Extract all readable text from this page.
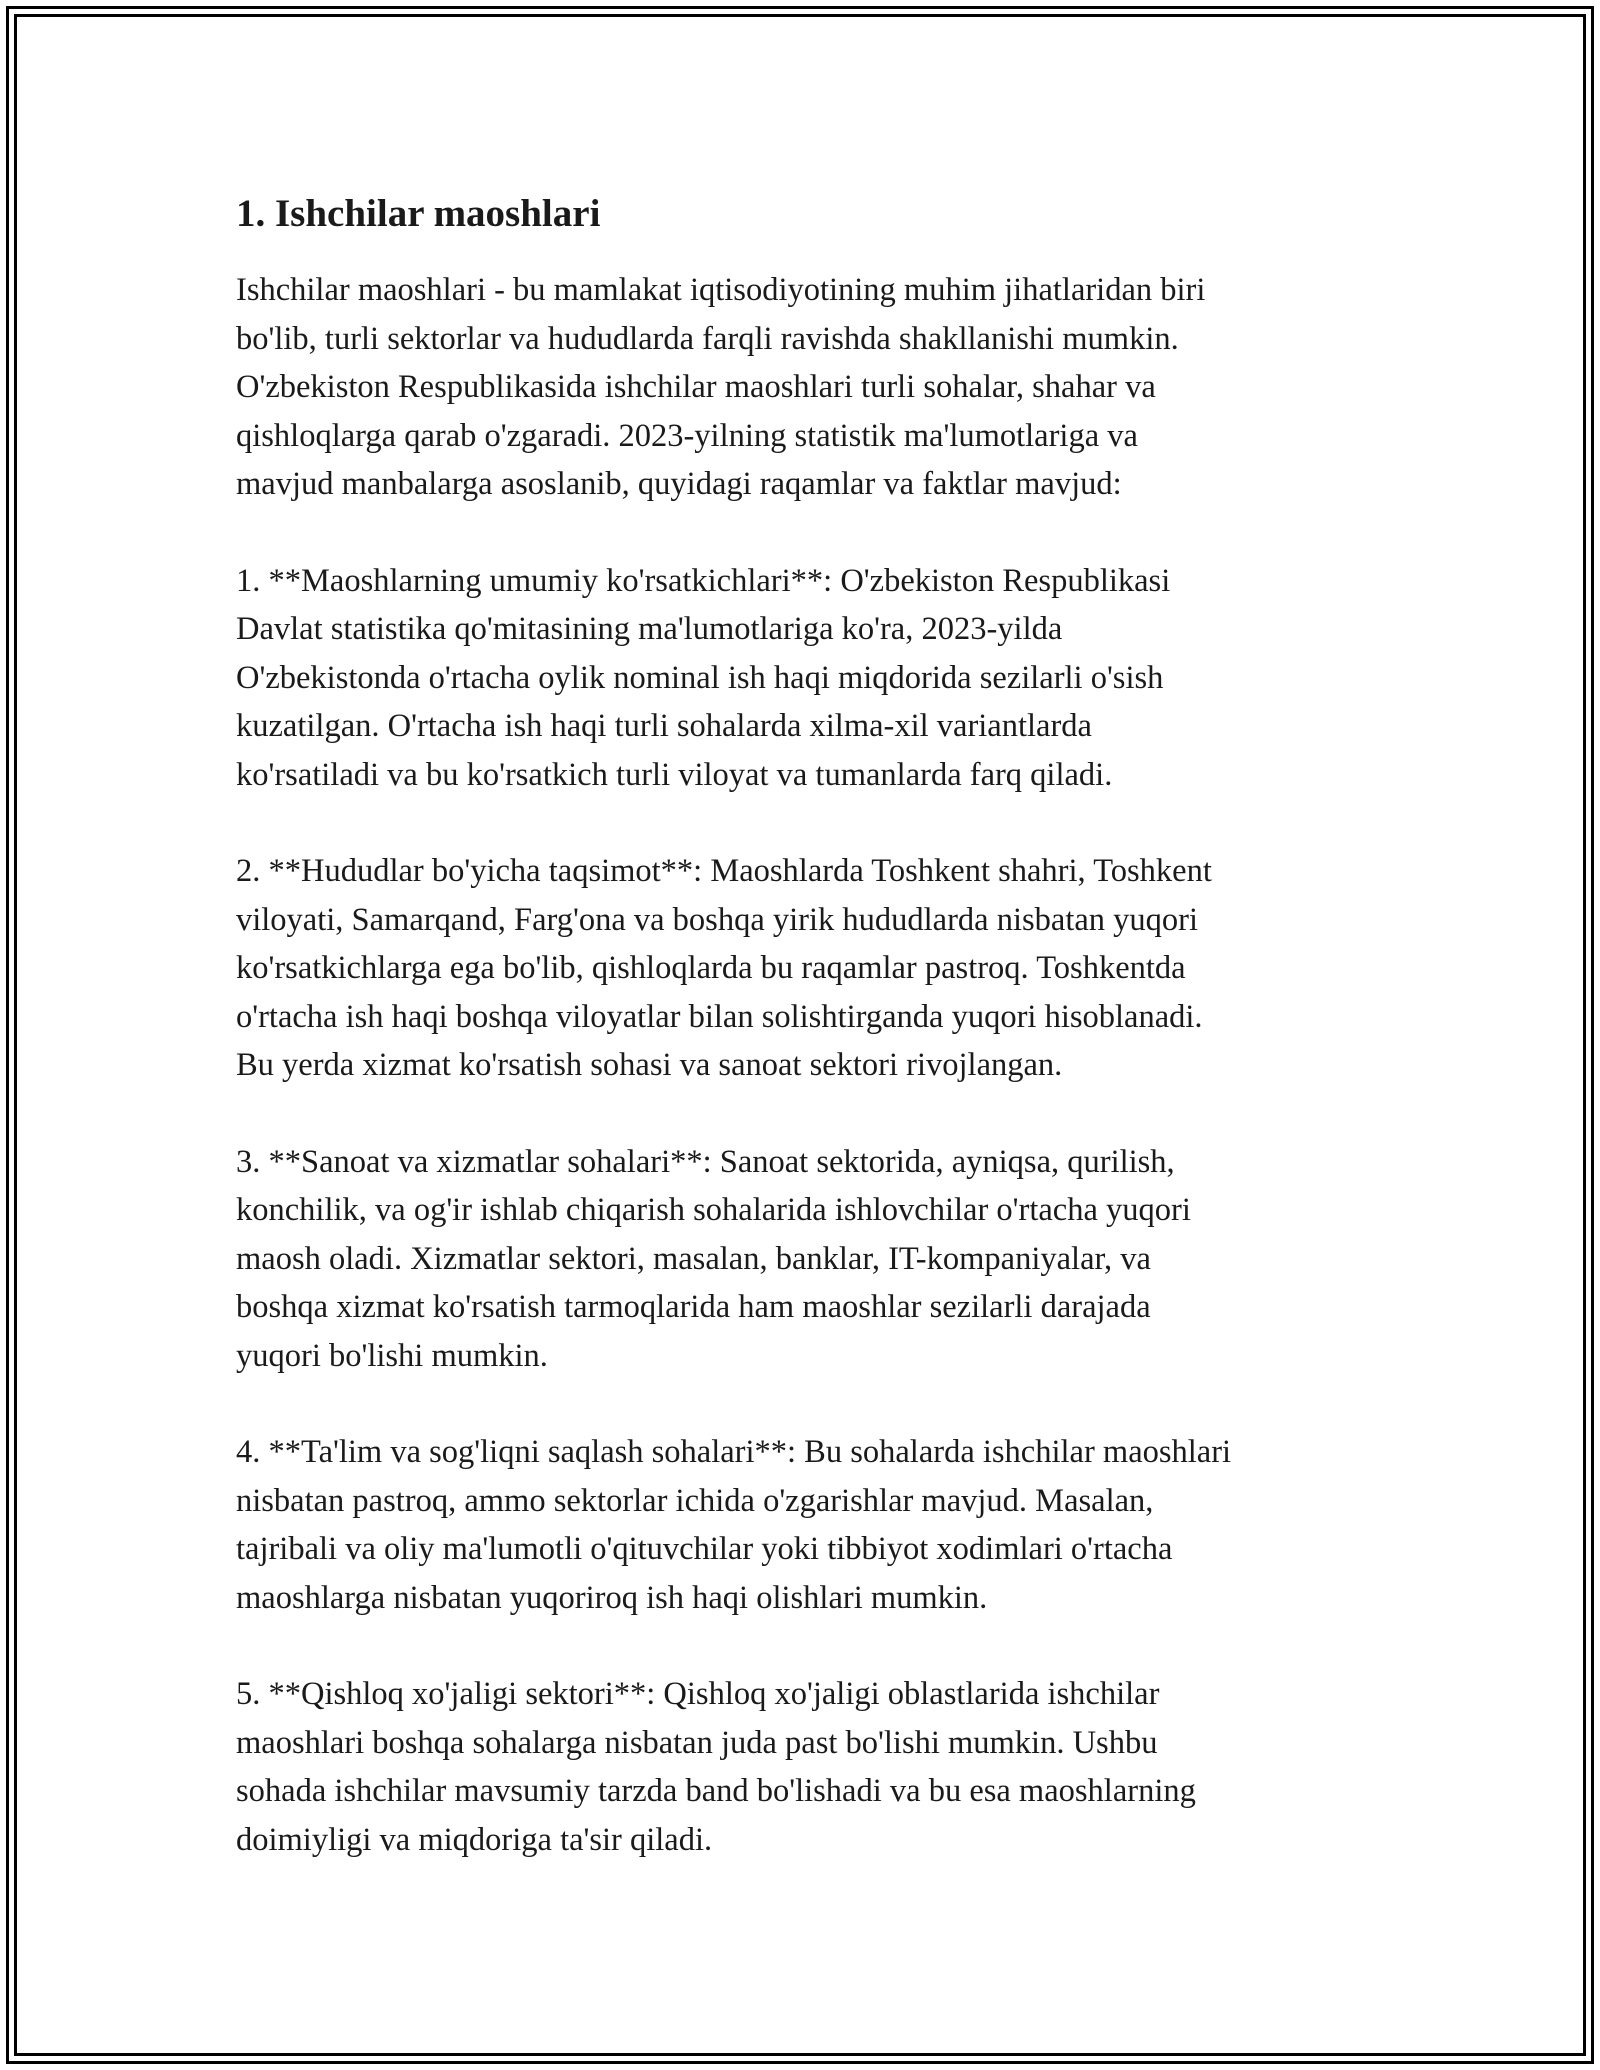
1. Ishchilar maoshlari

Ishchilar maoshlari - bu mamlakat iqtisodiyotining muhim jihatlaridan biri
bo'lib, turli sektorlar va hududlarda farqli ravishda shakllanishi mumkin.
O'zbekiston Respublikasida ishchilar maoshlari turli sohalar, shahar va
qishloqlarga qarab o'zgaradi. 2023-yilning statistik ma'lumotlariga va
mavjud manbalarga asoslanib, quyidagi raqamlar va faktlar mavjud:

1. **Maoshlarning umumiy ko'rsatkichlari**: O'zbekiston Respublikasi
Davlat statistika qo'mitasining ma'lumotlariga ko'ra, 2023-yilda
O'zbekistonda o'rtacha oylik nominal ish haqi miqdorida sezilarli o'sish
kuzatilgan. O'rtacha ish haqi turli sohalarda xilma-xil variantlarda
ko'rsatiladi va bu ko'rsatkich turli viloyat va tumanlarda farq qiladi.

2. **Hududlar bo'yicha taqsimot**: Maoshlarda Toshkent shahri, Toshkent
viloyati, Samarqand, Farg'ona va boshqa yirik hududlarda nisbatan yuqori
ko'rsatkichlarga ega bo'lib, qishloqlarda bu raqamlar pastroq. Toshkentda
o'rtacha ish haqi boshqa viloyatlar bilan solishtirganda yuqori hisoblanadi.
Bu yerda xizmat ko'rsatish sohasi va sanoat sektori rivojlangan.

3. **Sanoat va xizmatlar sohalari**: Sanoat sektorida, ayniqsa, qurilish,
konchilik, va og'ir ishlab chiqarish sohalarida ishlovchilar o'rtacha yuqori
maosh oladi. Xizmatlar sektori, masalan, banklar, IT-kompaniyalar, va
boshqa xizmat ko'rsatish tarmoqlarida ham maoshlar sezilarli darajada
yuqori bo'lishi mumkin.

4. **Ta'lim va sog'liqni saqlash sohalari**: Bu sohalarda ishchilar maoshlari
nisbatan pastroq, ammo sektorlar ichida o'zgarishlar mavjud. Masalan,
tajribali va oliy ma'lumotli o'qituvchilar yoki tibbiyot xodimlari o'rtacha
maoshlarga nisbatan yuqoriroq ish haqi olishlari mumkin.

5. **Qishloq xo'jaligi sektori**: Qishloq xo'jaligi oblastlarida ishchilar
maoshlari boshqa sohalarga nisbatan juda past bo'lishi mumkin. Ushbu
sohada ishchilar mavsumiy tarzda band bo'lishadi va bu esa maoshlarning
doimiyligi va miqdoriga ta'sir qiladi.
